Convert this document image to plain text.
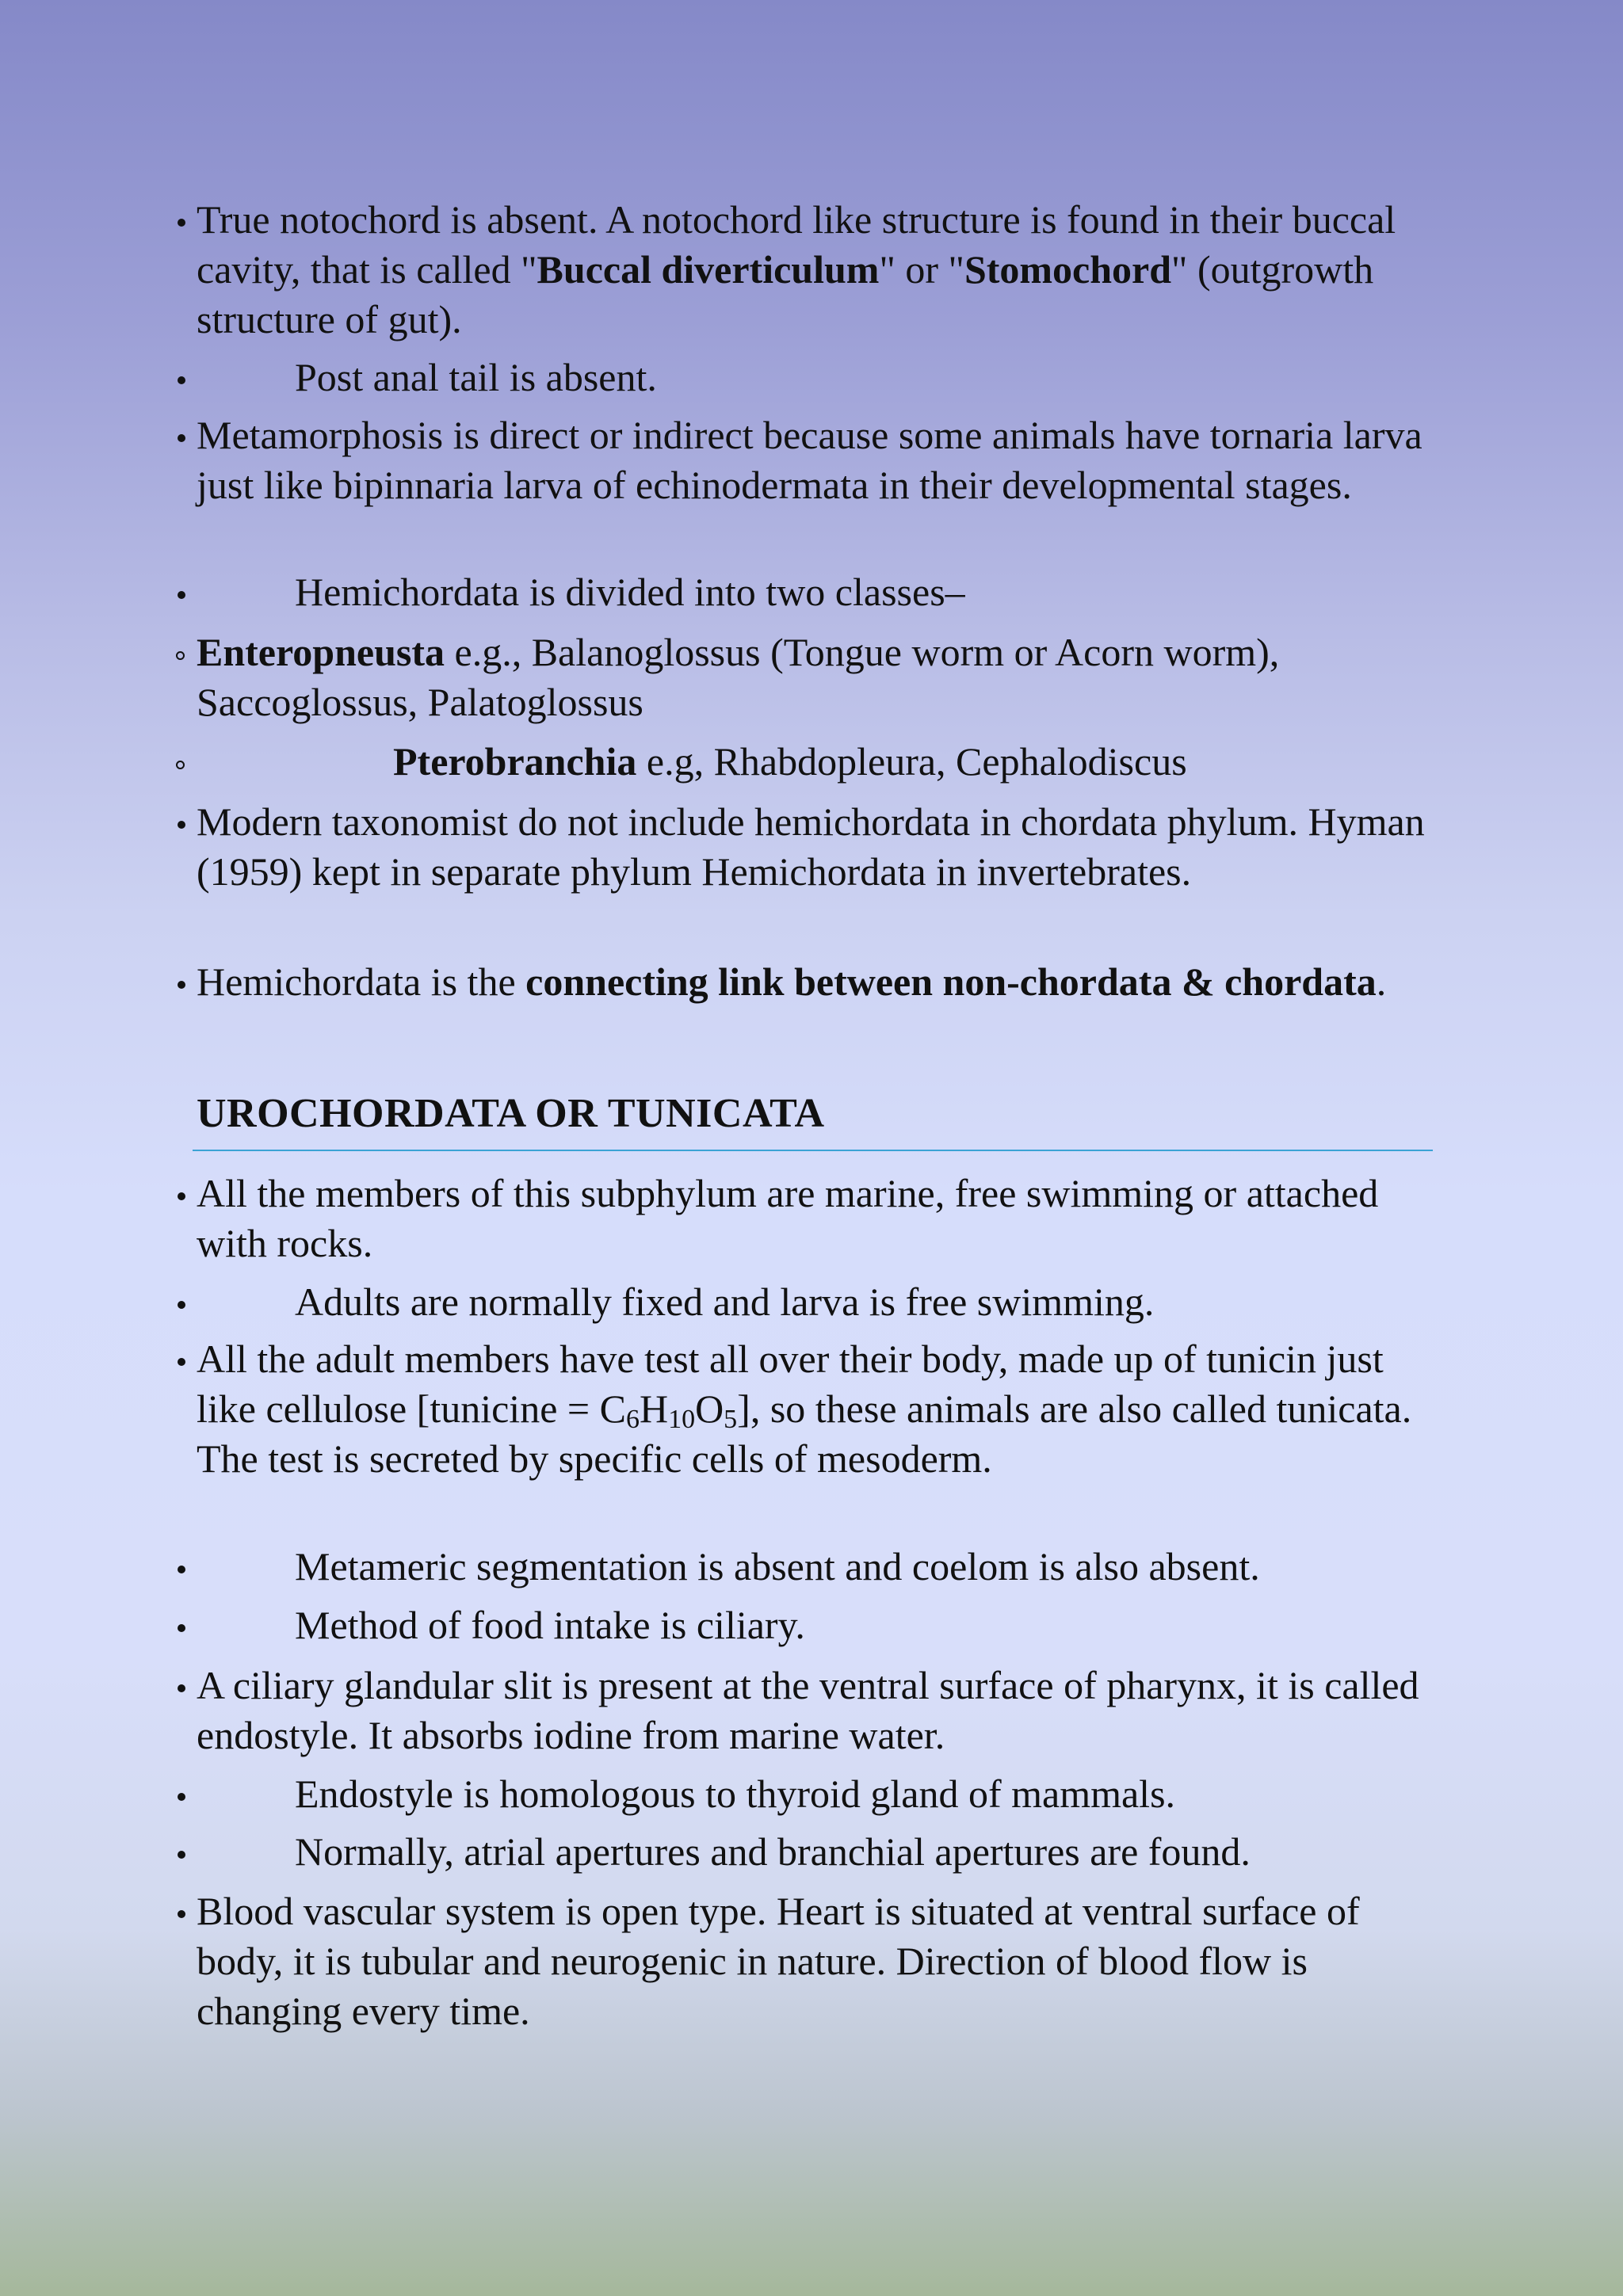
True notochord is absent. A notochord like structure is found in their buccal cavity, that is called "Buccal diverticulum" or "Stomochord" (outgrowth structure of gut).
Post anal tail is absent.
Metamorphosis is direct or indirect because some animals have tornaria larva just like bipinnaria larva of echinodermata in their developmental stages.
Hemichordata is divided into two classes–
Enteropneusta e.g., Balanoglossus (Tongue worm or Acorn worm), Saccoglossus, Palatoglossus
Pterobranchia e.g, Rhabdopleura, Cephalodiscus
Modern taxonomist do not include hemichordata in chordata phylum. Hyman (1959) kept in separate phylum Hemichordata in invertebrates.
Hemichordata is the connecting link between non-chordata & chordata.
UROCHORDATA OR TUNICATA
All the members of this subphylum are marine, free swimming or attached with rocks.
Adults are normally fixed and larva is free swimming.
All the adult members have test all over their body, made up of tunicin just like cellulose [tunicine = $C_6H_{10}O_5$], so these animals are also called tunicata. The test is secreted by specific cells of mesoderm.
Metameric segmentation is absent and coelom is also absent.
Method of food intake is ciliary.
A ciliary glandular slit is present at the ventral surface of pharynx, it is called endostyle. It absorbs iodine from marine water.
Endostyle is homologous to thyroid gland of mammals.
Normally, atrial apertures and branchial apertures are found.
Blood vascular system is open type. Heart is situated at ventral surface of body, it is tubular and neurogenic in nature. Direction of blood flow is changing every time.
